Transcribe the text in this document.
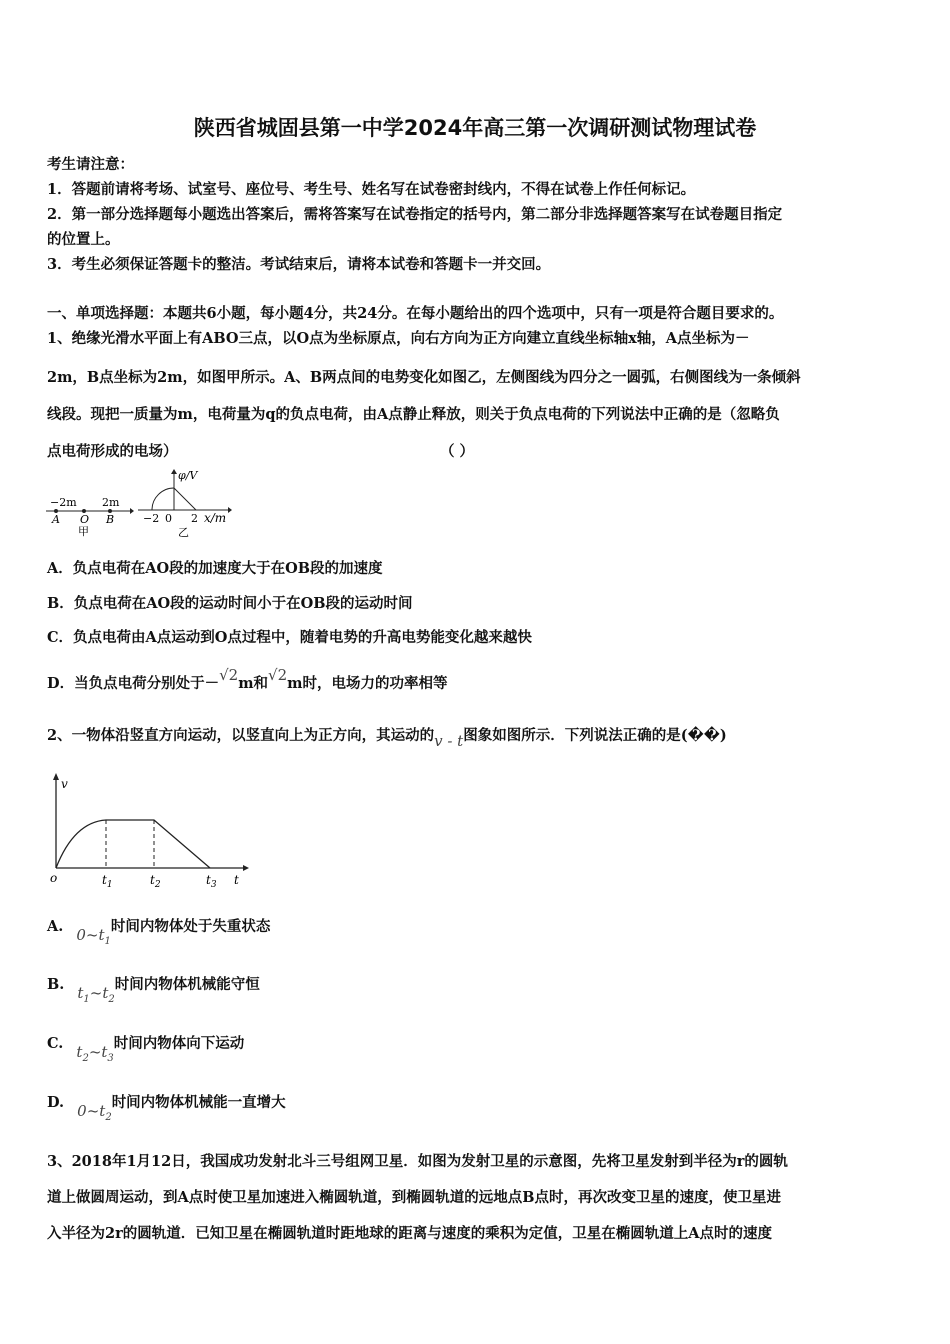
陕西省城固县第一中学2024年高三第一次调研测试物理试卷
考生请注意：
1．答题前请将考场、试室号、座位号、考生号、姓名写在试卷密封线内，不得在试卷上作任何标记。
2．第一部分选择题每小题选出答案后，需将答案写在试卷指定的括号内，第二部分非选择题答案写在试卷题目指定
的位置上。
3．考生必须保证答题卡的整洁。考试结束后，请将本试卷和答题卡一并交回。
一、单项选择题：本题共6小题，每小题4分，共24分。在每小题给出的四个选项中，只有一项是符合题目要求的。
1、绝缘光滑水平面上有ABO三点，以O点为坐标原点，向右方向为正方向建立直线坐标轴x轴，A点坐标为－
2m，B点坐标为2m，如图甲所示。A、B两点间的电势变化如图乙，左侧图线为四分之一圆弧，右侧图线为一条倾斜
线段。现把一质量为m，电荷量为q的负点电荷，由A点静止释放，则关于负点电荷的下列说法中正确的是（忽略负
点电荷形成的电场）	（ ）
−2m 2m
A O B
甲
φ/V
−2 0 2 x/m
乙
A．负点电荷在AO段的加速度大于在OB段的加速度
B．负点电荷在AO段的运动时间小于在OB段的运动时间
C．负点电荷由A点运动到O点过程中，随着电势的升高电势能变化越来越快
D．当负点电荷分别处于－√2m和√2m时，电场力的功率相等
2、一物体沿竖直方向运动，以竖直向上为正方向，其运动的v - t图象如图所示．下列说法正确的是(��)
v
o	$t_1$	$t_2$	$t_3$ t
A. $0\sim t_1$时间内物体处于失重状态
B. $t_1\sim t_2$时间内物体机械能守恒
C. $t_2\sim t_3$时间内物体向下运动
D. $0\sim t_2$时间内物体机械能一直增大
3、2018年1月12日，我国成功发射北斗三号组网卫星．如图为发射卫星的示意图，先将卫星发射到半径为r的圆轨
道上做圆周运动，到A点时使卫星加速进入椭圆轨道，到椭圆轨道的远地点B点时，再次改变卫星的速度，使卫星进
入半径为2r的圆轨道．已知卫星在椭圆轨道时距地球的距离与速度的乘积为定值，卫星在椭圆轨道上A点时的速度
